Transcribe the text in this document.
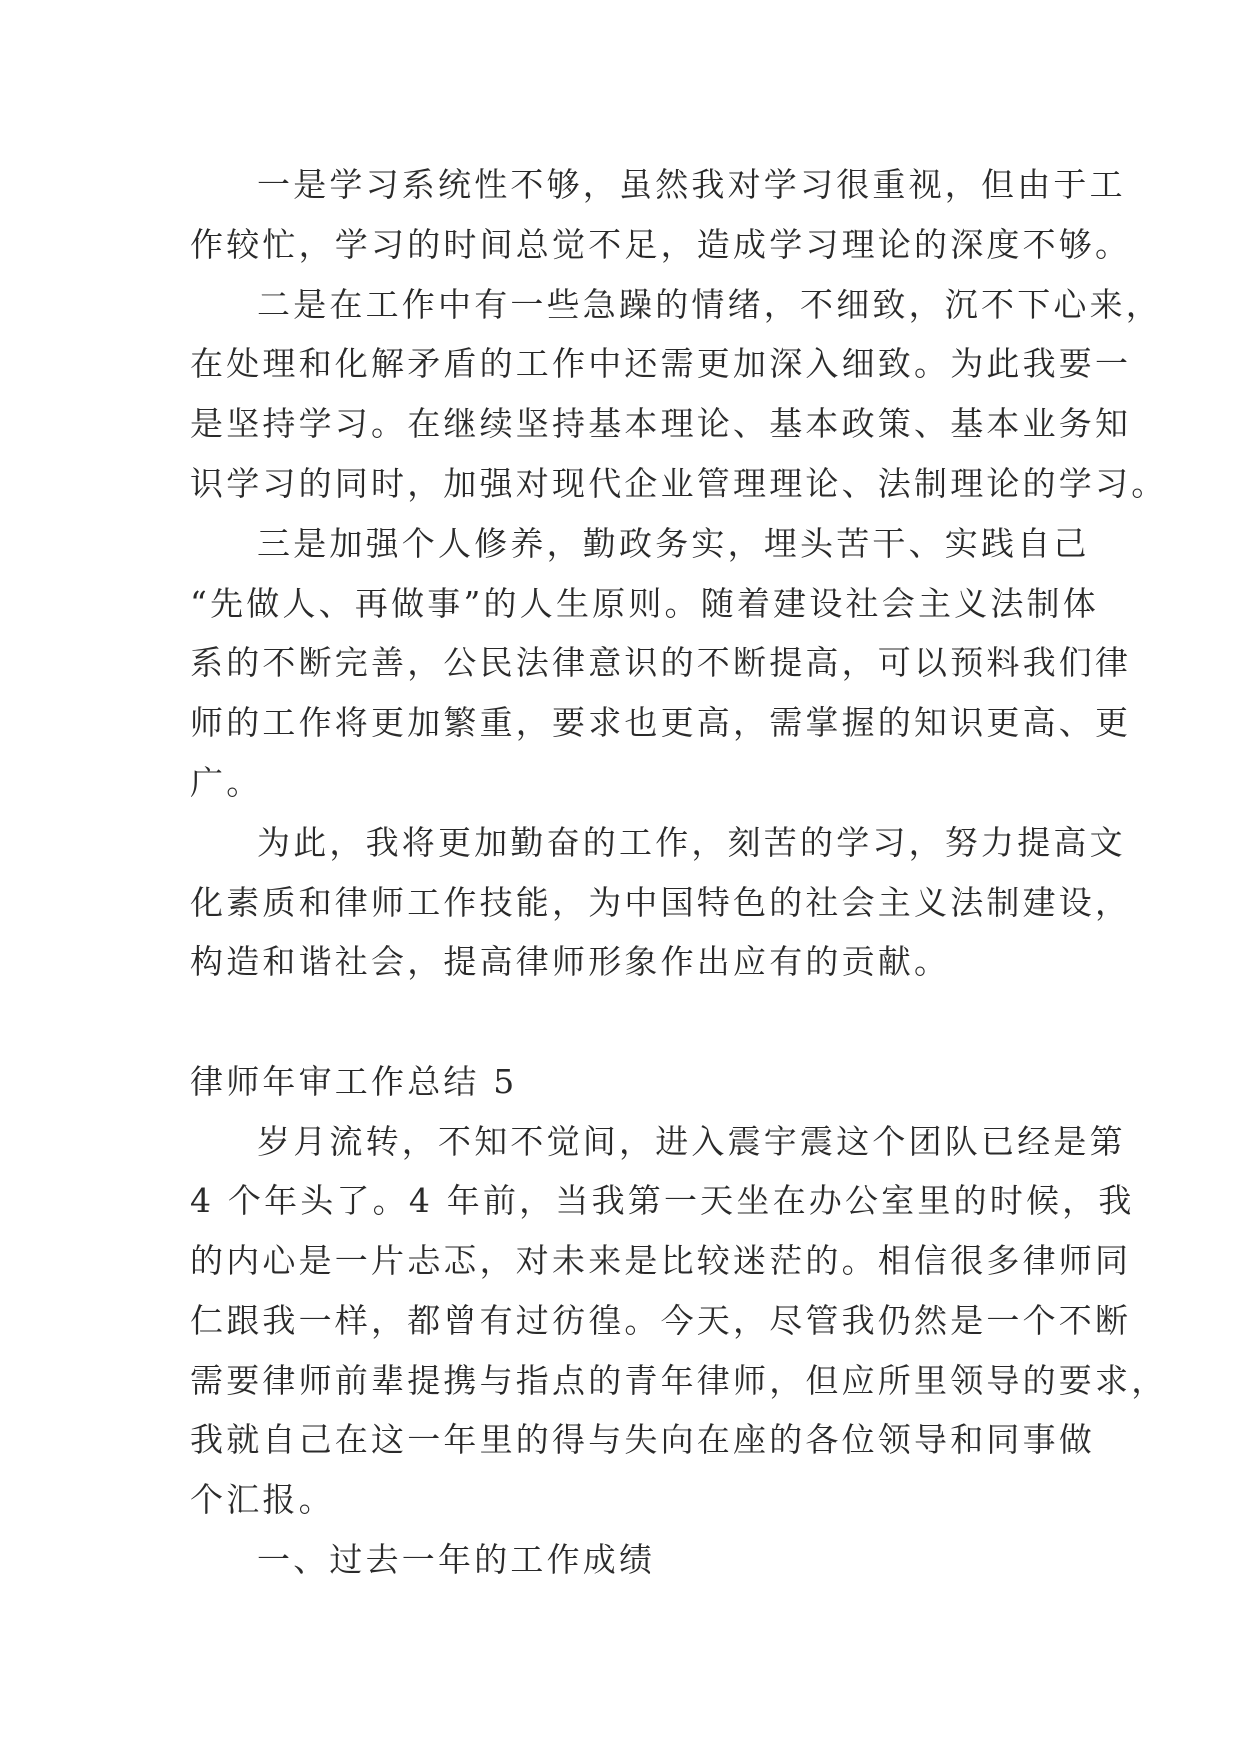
一是学习系统性不够，虽然我对学习很重视，但由于工
作较忙，学习的时间总觉不足，造成学习理论的深度不够。
二是在工作中有一些急躁的情绪，不细致，沉不下心来，
在处理和化解矛盾的工作中还需更加深入细致。为此我要一
是坚持学习。在继续坚持基本理论、基本政策、基本业务知
识学习的同时，加强对现代企业管理理论、法制理论的学习。
三是加强个人修养，勤政务实，埋头苦干、实践自己
“先做人、再做事”的人生原则。随着建设社会主义法制体
系的不断完善，公民法律意识的不断提高，可以预料我们律
师的工作将更加繁重，要求也更高，需掌握的知识更高、更
广。
为此，我将更加勤奋的工作，刻苦的学习，努力提高文
化素质和律师工作技能，为中国特色的社会主义法制建设，
构造和谐社会，提高律师形象作出应有的贡献。
律师年审工作总结 5
岁月流转，不知不觉间，进入震宇震这个团队已经是第
4 个年头了。4 年前，当我第一天坐在办公室里的时候，我
的内心是一片忐忑，对未来是比较迷茫的。相信很多律师同
仁跟我一样，都曾有过彷徨。今天，尽管我仍然是一个不断
需要律师前辈提携与指点的青年律师，但应所里领导的要求，
我就自己在这一年里的得与失向在座的各位领导和同事做
个汇报。
一、过去一年的工作成绩
